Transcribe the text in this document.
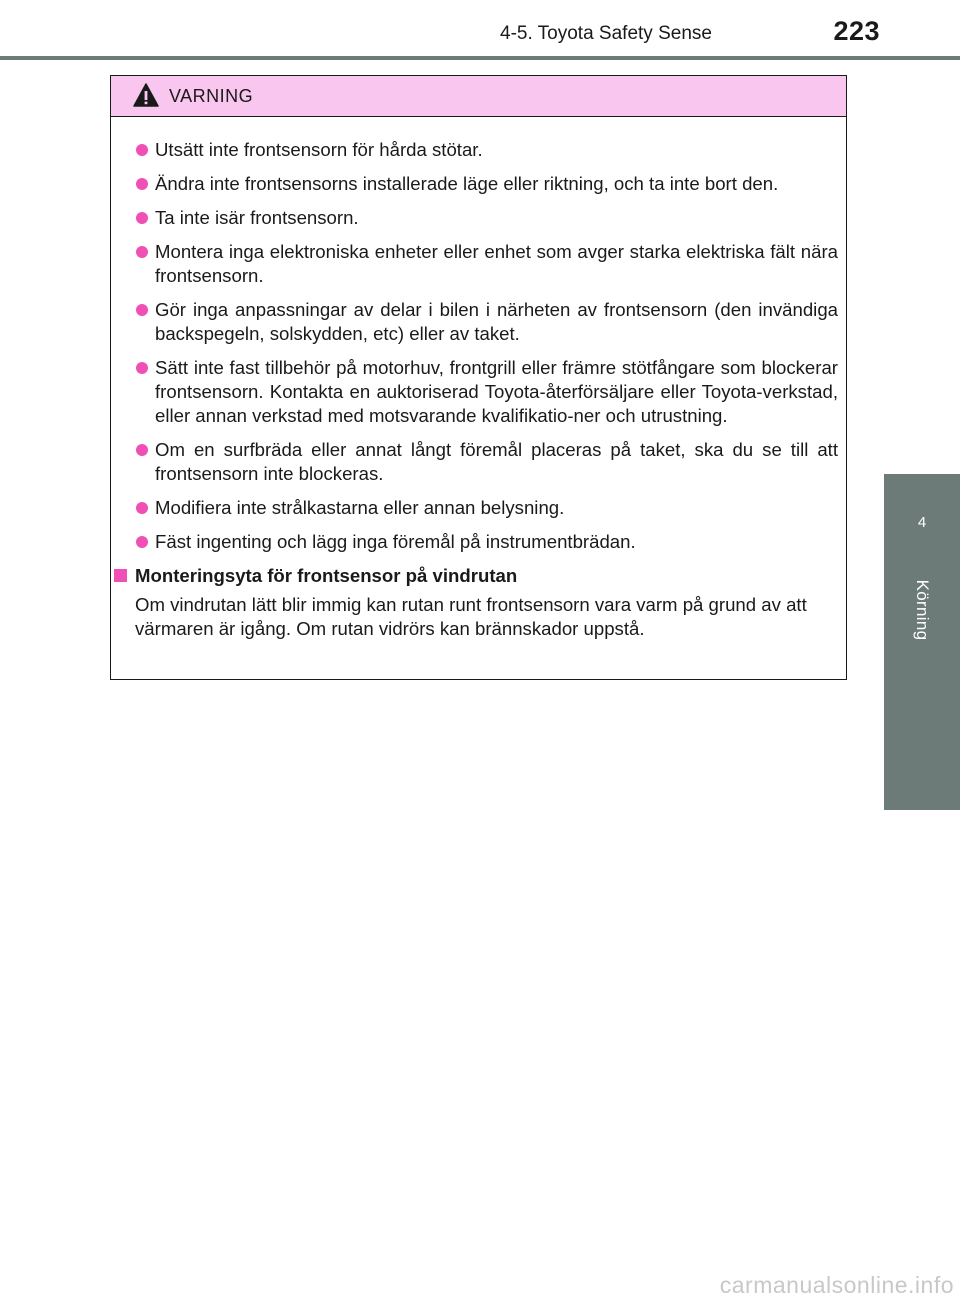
4-5. Toyota Safety Sense	223
4
Körning
VARNING
Utsätt inte frontsensorn för hårda stötar.
Ändra inte frontsensorns installerade läge eller riktning, och ta inte bort den.
Ta inte isär frontsensorn.
Montera inga elektroniska enheter eller enhet som avger starka elektriska fält nära frontsensorn.
Gör inga anpassningar av delar i bilen i närheten av frontsensorn (den invändiga backspegeln, solskydden, etc) eller av taket.
Sätt inte fast tillbehör på motorhuv, frontgrill eller främre stötfångare som blockerar frontsensorn. Kontakta en auktoriserad Toyota-återförsäljare eller Toyota-verkstad, eller annan verkstad med motsvarande kvalifikatio-ner och utrustning.
Om en surfbräda eller annat långt föremål placeras på taket, ska du se till att frontsensorn inte blockeras.
Modifiera inte strålkastarna eller annan belysning.
Fäst ingenting och lägg inga föremål på instrumentbrädan.
Monteringsyta för frontsensor på vindrutan
Om vindrutan lätt blir immig kan rutan runt frontsensorn vara varm på grund av att värmaren är igång. Om rutan vidrörs kan brännskador uppstå.
carmanualsonline.info
